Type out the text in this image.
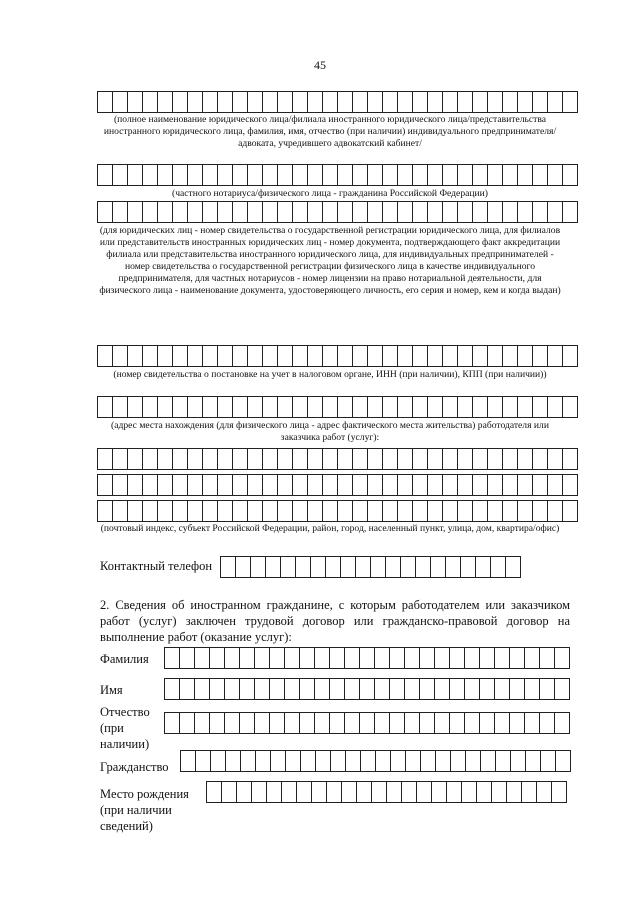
45
(полное наименование юридического лица/филиала иностранного юридического лица/представительства иностранного юридического лица, фамилия, имя, отчество (при наличии) индивидуального предпринимателя/адвоката, учредившего адвокатский кабинет/
(частного нотариуса/физического лица - гражданина Российской Федерации)
(для юридических лиц - номер свидетельства о государственной регистрации юридического лица, для филиалов или представительств иностранных юридических лиц - номер документа, подтверждающего факт аккредитации филиала или представительства иностранного юридического лица, для индивидуальных предпринимателей - номер свидетельства о государственной регистрации физического лица в качестве индивидуального предпринимателя, для частных нотариусов - номер лицензии на право нотариальной деятельности, для физического лица - наименование документа, удостоверяющего личность, его серия и номер, кем и когда выдан)
(номер свидетельства о постановке на учет в налоговом органе, ИНН (при наличии), КПП (при наличии))
(адрес места нахождения (для физического лица - адрес фактического места жительства) работодателя или заказчика работ (услуг):
(почтовый индекс, субъект Российской Федерации, район, город, населенный пункт, улица, дом, квартира/офис)
Контактный телефон
2. Сведения об иностранном гражданине, с которым работодателем или заказчиком работ (услуг) заключен трудовой договор или гражданско-правовой договор на выполнение работ (оказание услуг):
Фамилия
Имя
Отчество (при наличии)
Гражданство
Место рождения (при наличии сведений)
